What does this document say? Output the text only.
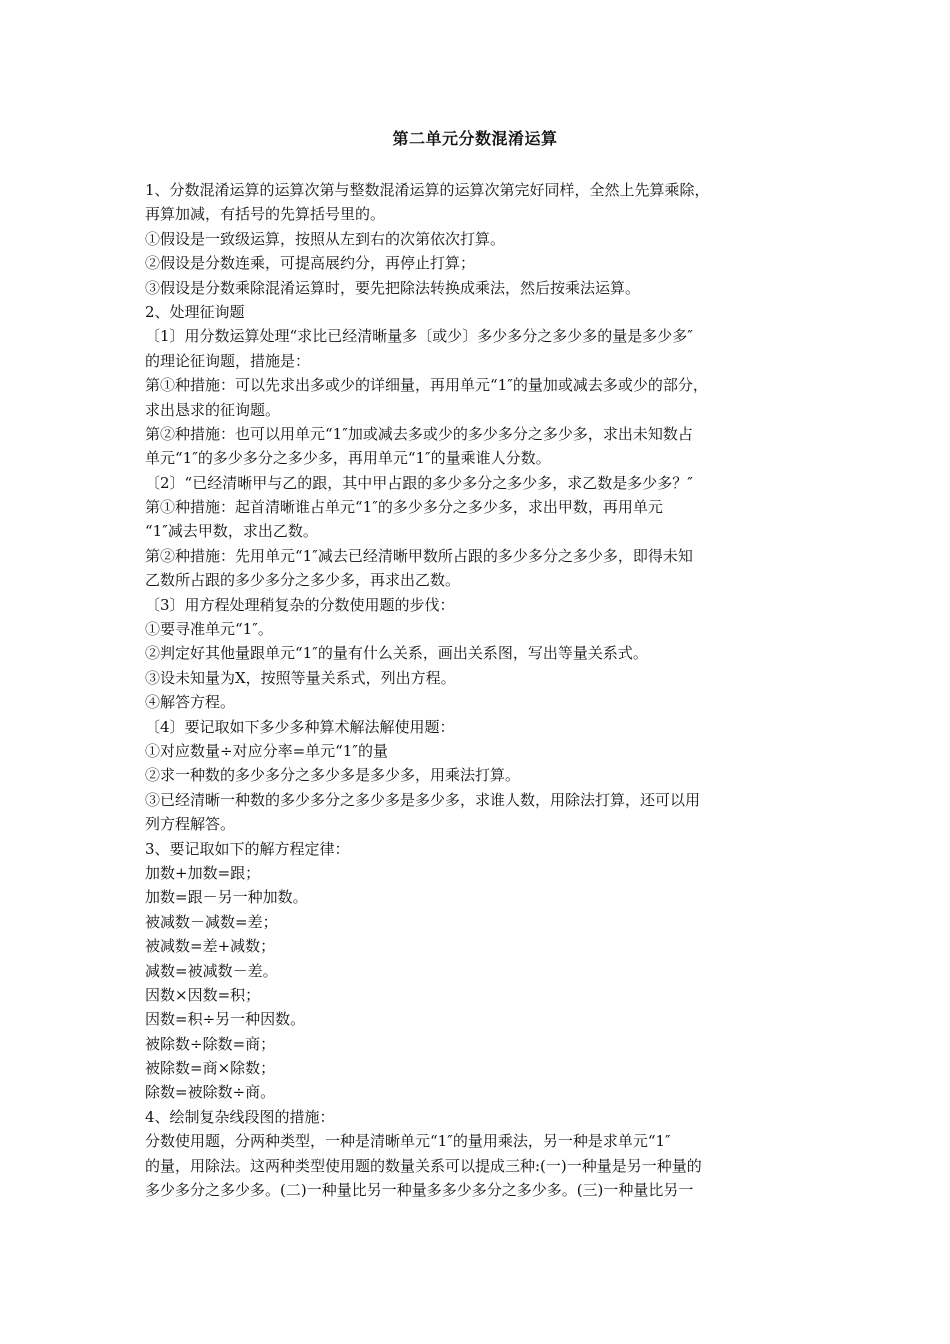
第二单元分数混淆运算
1、分数混淆运算的运算次第与整数混淆运算的运算次第完好同样，全然上先算乘除，
再算加减，有括号的先算括号里的。
①假设是一致级运算，按照从左到右的次第依次打算。
②假设是分数连乘，可提高展约分，再停止打算；
③假设是分数乘除混淆运算时，要先把除法转换成乘法，然后按乘法运算。
2、处理征询题
〔1〕用分数运算处理“求比已经清晰量多〔或少〕多少多分之多少多的量是多少多″
的理论征询题，措施是：
第①种措施：可以先求出多或少的详细量，再用单元“1″的量加或减去多或少的部分，
求出恳求的征询题。
第②种措施：也可以用单元“1″加或减去多或少的多少多分之多少多，求出未知数占
单元“1″的多少多分之多少多，再用单元“1″的量乘谁人分数。
〔2〕“已经清晰甲与乙的跟，其中甲占跟的多少多分之多少多，求乙数是多少多？″
第①种措施：起首清晰谁占单元“1″的多少多分之多少多，求出甲数，再用单元
“1″减去甲数，求出乙数。
第②种措施：先用单元“1″减去已经清晰甲数所占跟的多少多分之多少多，即得未知
乙数所占跟的多少多分之多少多，再求出乙数。
〔3〕用方程处理稍复杂的分数使用题的步伐：
①要寻准单元“1″。
②判定好其他量跟单元“1″的量有什么关系，画出关系图，写出等量关系式。
③设未知量为X，按照等量关系式，列出方程。
④解答方程。
〔4〕要记取如下多少多种算术解法解使用题：
①对应数量÷对应分率=单元“1″的量
②求一种数的多少多分之多少多是多少多，用乘法打算。
③已经清晰一种数的多少多分之多少多是多少多，求谁人数，用除法打算，还可以用
列方程解答。
3、要记取如下的解方程定律：
加数+加数=跟；
加数=跟－另一种加数。
被减数－减数=差；
被减数=差+减数；
减数=被减数－差。
因数×因数=积；
因数=积÷另一种因数。
被除数÷除数=商；
被除数=商×除数；
除数=被除数÷商。
4、绘制复杂线段图的措施：
分数使用题，分两种类型，一种是清晰单元“1″的量用乘法，另一种是求单元“1″
的量，用除法。这两种类型使用题的数量关系可以提成三种:(一)一种量是另一种量的
多少多分之多少多。(二)一种量比另一种量多多少多分之多少多。(三)一种量比另一
